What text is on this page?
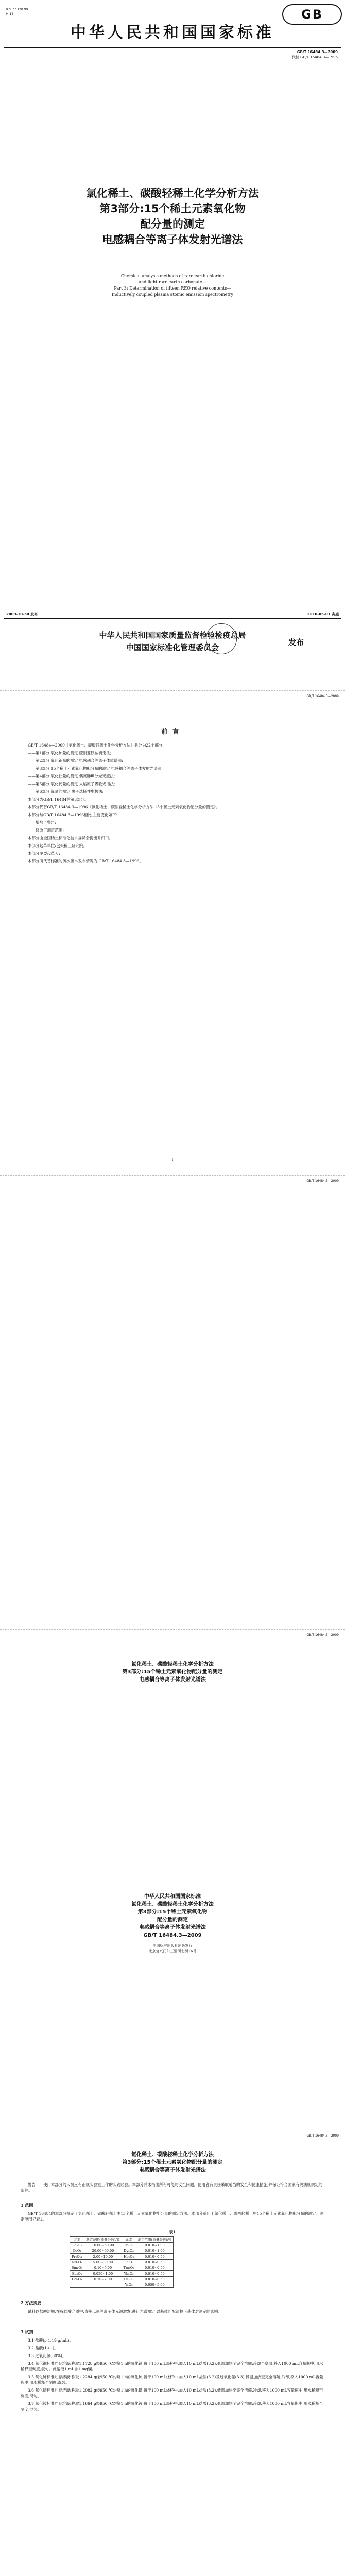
ICS 77.120.99
H 14	GB
中华人民共和国国家标准
GB/T 16484.3—2009
代替 GB/T 16484.3—1996
氯化稀土、碳酸轻稀土化学分析方法
第3部分:15个稀土元素氧化物
配分量的测定
电感耦合等离子体发射光谱法
Chemical analysis methods of rare earth chloride
and light rare earth carbonate—
Part 3: Determination of fifteen REO relative contents—
Inductively coupled plasma atomic emission spectrometry
2009-10-30 发布	2010-05-01 实施
中华人民共和国国家质量监督检验检疫总局
中国国家标准化管理委员会
发布
GB/T 16484.3—2009
前言

GB/T 16484—2009《氯化稀土、碳酸轻稀土化学分析方法》共分为22个部分:

——第1部分:氧化铈量的测定 硫酸亚铁铵滴定法;

——第2部分:氧化铕量的测定 电感耦合等离子体质谱法;

——第3部分:15个稀土元素氧化物配分量的测定 电感耦合等离子体发射光谱法;

——第4部分:氧化钍量的测定 偶氮胂Ⅲ分光光度法;

——第5部分:氧化钙量的测定 火焰原子吸收光谱法;

——第6部分:氟量的测定 离子选择性电极法;

本部分为GB/T 16484的第3部分。

本部分代替GB/T 16484.3—1996《氯化稀土、碳酸轻稀土化学分析方法 15个稀土元素氧化物配分量的测定》。

本部分与GB/T 16484.3—1996相比,主要变化如下:

——增加了警告;

——修改了测定范围;

本部分由全国稀土标准化技术委员会提出并归口。

本部分起草单位:包头稀土研究院。

本部分主要起草人:

本部分所代替标准的历次版本发布情况为:GB/T 16484.3—1996。

Ⅰ
GB/T 16484.3—2009
GB/T 16484.3—2009
氯化稀土、碳酸轻稀土化学分析方法
第3部分:15个稀土元素氧化物配分量的测定
电感耦合等离子体发射光谱法
中华人民共和国国家标准
氯化稀土、碳酸轻稀土化学分析方法
第3部分:15个稀土元素氧化物
配分量的测定
电感耦合等离子体发射光谱法
GB/T 16484.3—2009
中国标准出版社出版发行
北京复兴门外三里河北街16号
GB/T 16484.3—2009
氯化稀土、碳酸轻稀土化学分析方法
第3部分:15个稀土元素氧化物配分量的测定
电感耦合等离子体发射光谱法

警告——使用本部分的人员应有正规实验室工作的实践经验。本部分并未指出所有可能的安全问题。使用者有责任采取适当的安全和健康措施,并保证符合国家有关法规规定的条件。

1 范围

GB/T 16484的本部分规定了氯化稀土、碳酸轻稀土中15个稀土元素氧化物配分量的测定方法。本部分适用于氯化稀土、碳酸轻稀土中15个稀土元素氧化物配分量的测定。测定范围见表1。

表1
元素	测定范围(质量分数)/%	元素	测定范围(质量分数)/%
La₂O₃	10.00~50.00	Tb₄O₇	0.010~1.00
CeO₂	20.00~60.00	Dy₂O₃	0.010~1.00
Pr₆O₁₁	2.00~10.00	Ho₂O₃	0.010~0.50
Nd₂O₃	5.00~30.00	Er₂O₃	0.010~0.50
Sm₂O₃	0.10~5.00	Tm₂O₃	0.010~0.50
Eu₂O₃	0.050~1.00	Yb₂O₃	0.010~0.50
Gd₂O₃	0.10~2.00	Lu₂O₃	0.010~0.50
		Y₂O₃	0.050~5.00
2 方法提要

试料以盐酸溶解,在稀盐酸介质中,直接以氩等离子体光源激发,进行光谱测定,以基体匹配法校正基体对测定的影响。

3 试剂

3.1 盐酸(ρ 1.19 g/mL)。

3.2 盐酸(1+1)。

3.3 过氧化氢(30%)。

3.4 氧化镧标准贮存溶液:称取1.1728 g经950 ℃灼烧1 h的氧化镧,置于100 mL烧杯中,加入10 mL盐酸(3.2),低温加热至完全溶解,冷却至室温,移入1000 mL容量瓶中,用水稀释至刻度,混匀。此溶液1 mL含1 mg镧。

3.5 氧化铈标准贮存溶液:称取1.2284 g经950 ℃灼烧1 h的氧化铈,置于100 mL烧杯中,加入10 mL盐酸(3.2)及过氧化氢(3.3),低温加热至完全溶解,冷却,移入1000 mL容量瓶中,用水稀释至刻度,混匀。

3.6 氧化镨标准贮存溶液:称取1.2082 g经950 ℃灼烧1 h的氧化镨,置于100 mL烧杯中,加入10 mL盐酸(3.2),低温加热至完全溶解,冷却,移入1000 mL容量瓶中,用水稀释至刻度,混匀。

3.7 氧化钕标准贮存溶液:称取1.1664 g经950 ℃灼烧1 h的氧化钕,置于100 mL烧杯中,加入10 mL盐酸(3.2),低温加热至完全溶解,冷却,移入1000 mL容量瓶中,用水稀释至刻度,混匀。
